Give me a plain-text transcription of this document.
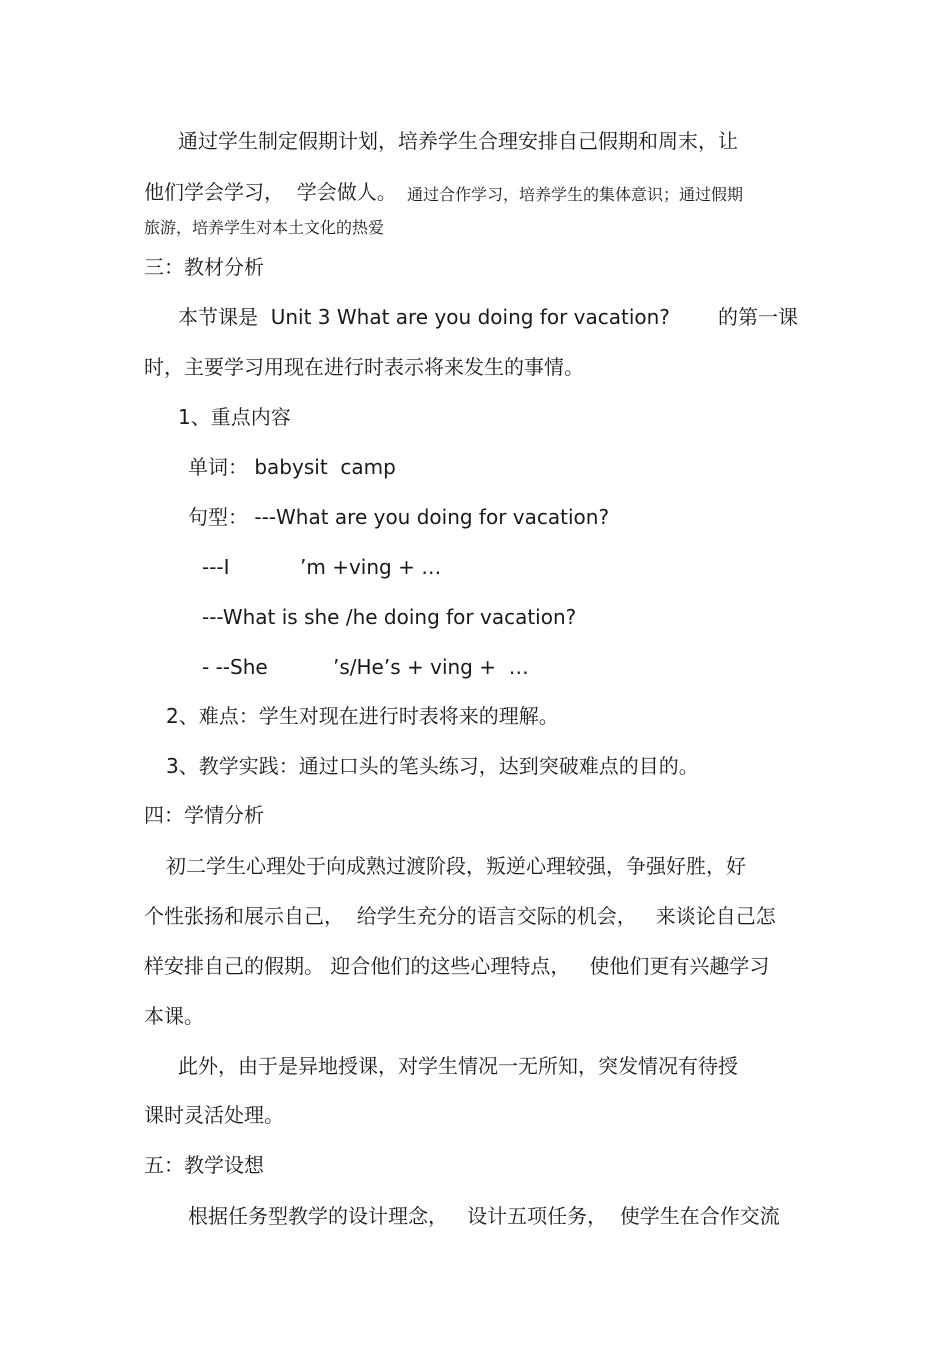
通过学生制定假期计划，培养学生合理安排自己假期和周末，让
他们学会学习，  学会做人。 通过合作学习，培养学生的集体意识；通过假期
旅游，培养学生对本土文化的热爱
三：教材分析
本节课是  Unit 3 What are you doing for vacation? 的第一课
时，主要学习用现在进行时表示将来发生的事情。
1、重点内容
单词： babysit  camp
句型： ---What are you doing for vacation?
---I	’m +ving + …
---What is she /he doing for vacation?
- --She	’s/He’s + ving +  …
2、难点：学生对现在进行时表将来的理解。
3、教学实践：通过口头的笔头练习，达到突破难点的目的。
四：学情分析
初二学生心理处于向成熟过渡阶段，叛逆心理较强，争强好胜，好
个性张扬和展示自己，  给学生充分的语言交际的机会，   来谈论自己怎
样安排自己的假期。 迎合他们的这些心理特点，   使他们更有兴趣学习
本课。
此外，由于是异地授课，对学生情况一无所知，突发情况有待授
课时灵活处理。
五：教学设想
根据任务型教学的设计理念，   设计五项任务，  使学生在合作交流
